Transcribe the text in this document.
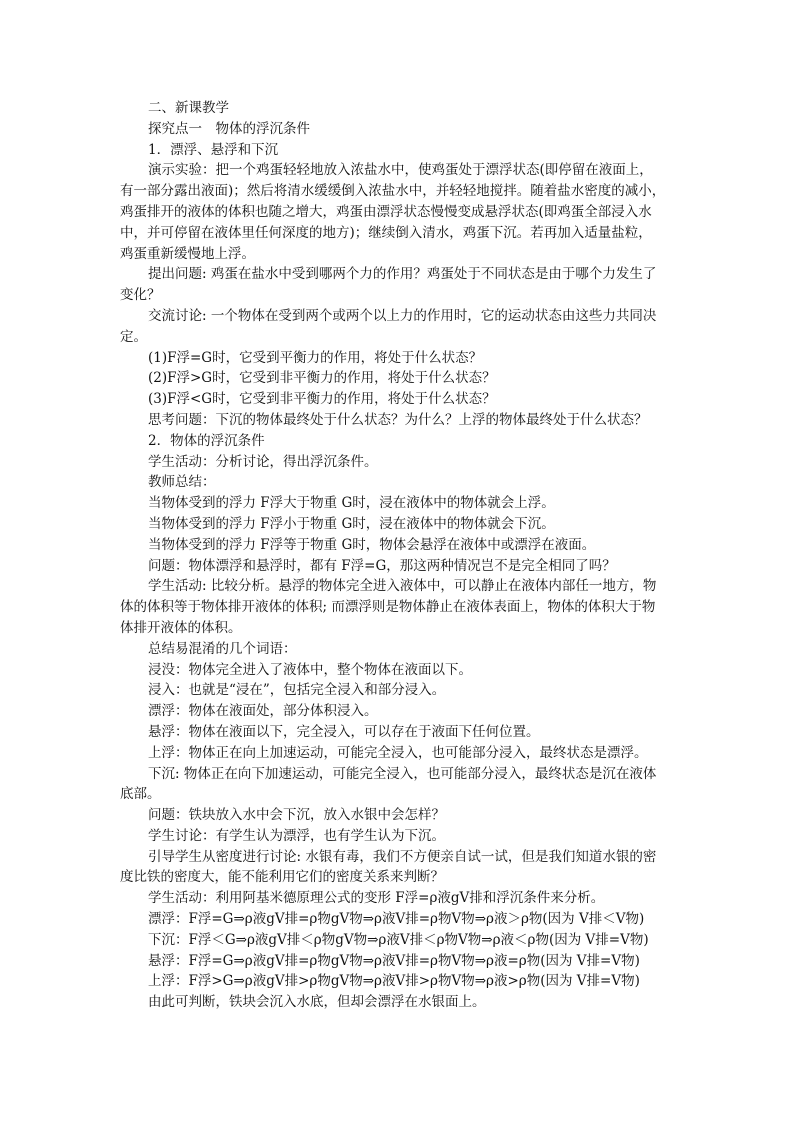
二、新课教学
探究点一　物体的浮沉条件
1．漂浮、悬浮和下沉
演示实验：把一个鸡蛋轻轻地放入浓盐水中，使鸡蛋处于漂浮状态(即停留在液面上，
有一部分露出液面)；然后将清水缓缓倒入浓盐水中，并轻轻地搅拌。随着盐水密度的减小，
鸡蛋排开的液体的体积也随之增大，鸡蛋由漂浮状态慢慢变成悬浮状态(即鸡蛋全部浸入水
中，并可停留在液体里任何深度的地方)；继续倒入清水，鸡蛋下沉。若再加入适量盐粒，
鸡蛋重新缓慢地上浮。
提出问题: 鸡蛋在盐水中受到哪两个力的作用？鸡蛋处于不同状态是由于哪个力发生了
变化？
交流讨论: 一个物体在受到两个或两个以上力的作用时，它的运动状态由这些力共同决
定。
(1)F浮=G时，它受到平衡力的作用，将处于什么状态？
(2)F浮>G时，它受到非平衡力的作用，将处于什么状态？
(3)F浮<G时，它受到非平衡力的作用，将处于什么状态？
思考问题：下沉的物体最终处于什么状态？为什么？上浮的物体最终处于什么状态？
2．物体的浮沉条件
学生活动：分析讨论，得出浮沉条件。
教师总结：
当物体受到的浮力 F浮大于物重 G时，浸在液体中的物体就会上浮。
当物体受到的浮力 F浮小于物重 G时，浸在液体中的物体就会下沉。
当物体受到的浮力 F浮等于物重 G时，物体会悬浮在液体中或漂浮在液面。
问题：物体漂浮和悬浮时，都有 F浮=G，那这两种情况岂不是完全相同了吗？
学生活动: 比较分析。悬浮的物体完全进入液体中，可以静止在液体内部任一地方，物
体的体积等于物体排开液体的体积; 而漂浮则是物体静止在液体表面上，物体的体积大于物
体排开液体的体积。
总结易混淆的几个词语：
浸没：物体完全进入了液体中，整个物体在液面以下。
浸入：也就是“浸在”，包括完全浸入和部分浸入。
漂浮：物体在液面处，部分体积浸入。
悬浮：物体在液面以下，完全浸入，可以存在于液面下任何位置。
上浮：物体正在向上加速运动，可能完全浸入，也可能部分浸入，最终状态是漂浮。
下沉: 物体正在向下加速运动，可能完全浸入，也可能部分浸入，最终状态是沉在液体
底部。
问题：铁块放入水中会下沉，放入水银中会怎样？
学生讨论：有学生认为漂浮，也有学生认为下沉。
引导学生从密度进行讨论: 水银有毒，我们不方便亲自试一试，但是我们知道水银的密
度比铁的密度大，能不能利用它们的密度关系来判断？
学生活动：利用阿基米德原理公式的变形 F浮=ρ液gV排和浮沉条件来分析。
漂浮：F浮=G⇒ρ液gV排=ρ物gV物⇒ρ液V排=ρ物V物⇒ρ液＞ρ物(因为 V排＜V物)
下沉：F浮＜G⇒ρ液gV排＜ρ物gV物⇒ρ液V排＜ρ物V物⇒ρ液＜ρ物(因为 V排=V物)
悬浮：F浮=G⇒ρ液gV排=ρ物gV物⇒ρ液V排=ρ物V物⇒ρ液=ρ物(因为 V排=V物)
上浮：F浮>G⇒ρ液gV排>ρ物gV物⇒ρ液V排>ρ物V物⇒ρ液>ρ物(因为 V排=V物)
由此可判断，铁块会沉入水底，但却会漂浮在水银面上。
